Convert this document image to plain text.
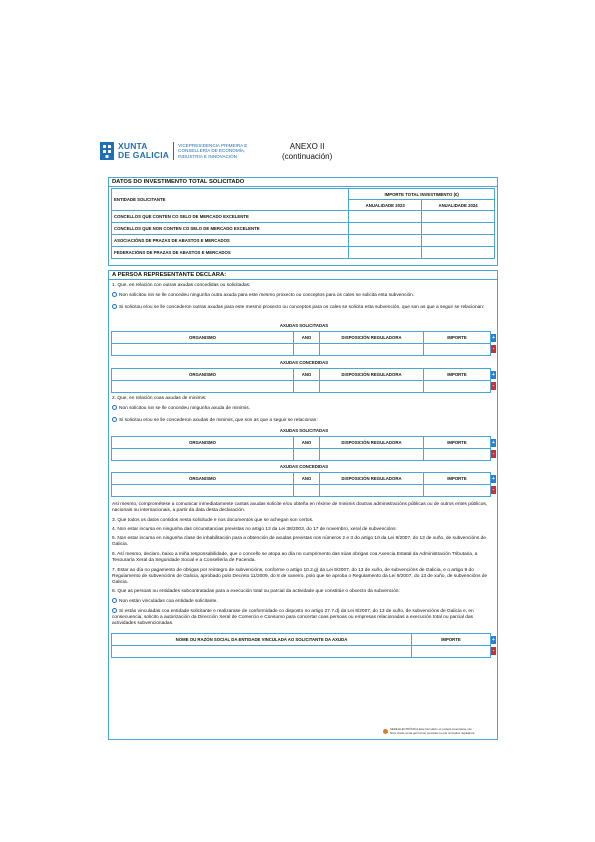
XUNTA
DE GALICIA
VICEPRESIDENCIA PRIMEIRA E
CONSELLERÍA DE ECONOMÍA,
INDUSTRIA E INNOVACIÓN
ANEXO II
(continuación)
DATOS DO INVESTIMENTO TOTAL SOLICITADO
ENTIDADE SOLICITANTE	IMPORTE TOTAL INVESTIMENTO (€)	
	ANUALIDADE 2023	ANUALIDADE 2024
CONCELLOS QUE CONTEN CO SELO DE MERCADO EXCELENTE		
CONCELLOS QUE NON CONTEN CO SELO DE MERCADO EXCELENTE		
ASOCIACIÓNS DE PRAZAS DE ABASTOS E MERCADOS		
FEDERACIÓNS DE PRAZAS DE ABASTOS E MERCADOS		
A PERSOA REPRESENTANTE DECLARA:
1. Que, en relación con outras axudas concedidas ou solicitadas:
Non solicitou nin se lle concedeu ningunha outra axuda para este mesmo proxecto ou conceptos para os cales se solicita esta subvención.
Si solicitou e/ou se lle concederon outras axudas para este mesmo proxecto ou conceptos para os cales se solicita esta subvención, que son as que a seguir se relacionan:
AXUDAS SOLICITADAS
ORGANISMO	ANO	DISPOSICIÓN REGULADORA	IMPORTE
				+
-
AXUDAS CONCEDIDAS
ORGANISMO	ANO	DISPOSICIÓN REGULADORA	IMPORTE
				+
-
2. Que, en relación coas axudas de minimis:
Non solicitou nin se lle concedeu ningunha axuda de minimis.
Si solicitou e/ou se lle concederon axudas de minimis, que son as que a seguir se relacionan:
AXUDAS SOLICITADAS
ORGANISMO	ANO	DISPOSICIÓN REGULADORA	IMPORTE
				+
-
AXUDAS CONCEDIDAS
ORGANISMO	ANO	DISPOSICIÓN REGULADORA	IMPORTE
				+
-
Así mesmo, comprométese a comunicar inmediatamente cantas axudas solicite e/ou obteña en réxime de minimis doutras administracións públicas ou de outros entes públicos, nacionais ou internacionais, a partir da data desta declaración.
3. Que todos os datos contidos nesta solicitude e nos documentos que se achegan son certos.
4. Non estar incursa en ningunha das circunstancias previstas no artigo 13 da Lei 38/2003, do 17 de novembro, xeral de subvencións.
5. Non estar incursa en ningunha clase de inhabilitación para a obtención de axudas previstas nos números 2 e 3 do artigo 10 da Lei 9/2007, do 13 de xuño, de subvencións de Galicia.
6. Así mesmo, declaro, baixo a miña responsabilidade, que o concello se atopa ao día no cumprimento das súas obrigas coa Axencia Estatal da Administración Tributaria, a Tesouraría Xeral da Seguridade Social e a Consellería de Facenda.
7. Estar ao día no pagamento de obrigas por reintegro de subvencións, conforme o artigo 10.2.g) da Lei 9/2007, do 13 de xuño, de subvencións de Galicia, e o artigo 9 do Regulamento de subvencións de Galicia, aprobado polo Decreto 11/2009, do 8 de xaneiro, polo que se aproba o Regulamento da Lei 9/2007, do 13 de xuño, de subvencións de Galicia.
8. Que as persoas ou entidades subcontratadas para a execución total ou parcial da actividade que constitúe o obxecto da subvención:
Non están vinculadas coa entidade solicitante.
Si están vinculadas coa entidade solicitante e realizarase de conformidade co disposto no artigo 27.7.d) da Lei 9/2007, do 13 de xuño, de subvencións de Galicia e, en consecuencia, solicito a autorización da Dirección Xeral de Comercio e Consumo para concertar coas persoas ou empresas relacionadas a execución total ou parcial das actividades subvencionadas.
NOME OU RAZÓN SOCIAL DA ENTIDADE VINCULADA AO SOLICITANTE DA AXUDA	IMPORTE
		+
-
SEDE ELECTRÓNICA Este formulario só poderá presentarse nas
https://sede.xunta.gal formas previstas na súa normativa reguladora.
